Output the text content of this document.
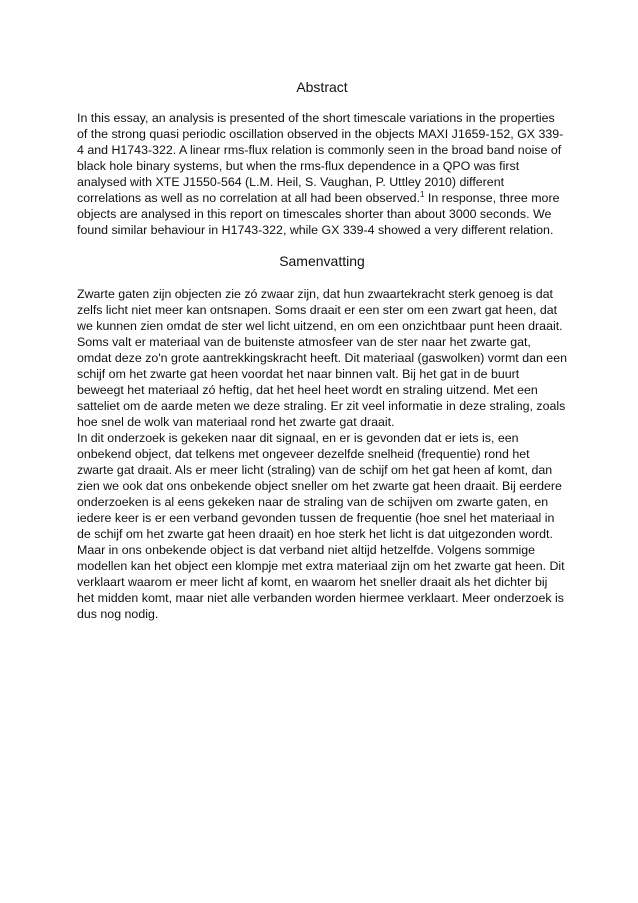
Abstract

In this essay, an analysis is presented of the short timescale variations in the properties of the strong quasi periodic oscillation observed in the objects MAXI J1659-152, GX 339-4 and H1743-322. A linear rms-flux relation is commonly seen in the broad band noise of black hole binary systems, but when the rms-flux dependence in a QPO was first analysed with XTE J1550-564 (L.M. Heil, S. Vaughan, P. Uttley 2010) different correlations as well as no correlation at all had been observed.$^1$ In response, three more objects are analysed in this report on timescales shorter than about 3000 seconds. We found similar behaviour in H1743-322, while GX 339-4 showed a very different relation.

Samenvatting

Zwarte gaten zijn objecten zie zó zwaar zijn, dat hun zwaartekracht sterk genoeg is dat zelfs licht niet meer kan ontsnapen. Soms draait er een ster om een zwart gat heen, dat we kunnen zien omdat de ster wel licht uitzend, en om een onzichtbaar punt heen draait. Soms valt er materiaal van de buitenste atmosfeer van de ster naar het zwarte gat, omdat deze zo'n grote aantrekkingskracht heeft. Dit materiaal (gaswolken) vormt dan een schijf om het zwarte gat heen voordat het naar binnen valt. Bij het gat in de buurt beweegt het materiaal zó heftig, dat het heel heet wordt en straling uitzend. Met een satteliet om de aarde meten we deze straling. Er zit veel informatie in deze straling, zoals hoe snel de wolk van materiaal rond het zwarte gat draait.

In dit onderzoek is gekeken naar dit signaal, en er is gevonden dat er iets is, een onbekend object, dat telkens met ongeveer dezelfde snelheid (frequentie) rond het zwarte gat draait. Als er meer licht (straling) van de schijf om het gat heen af komt, dan zien we ook dat ons onbekende object sneller om het zwarte gat heen draait. Bij eerdere onderzoeken is al eens gekeken naar de straling van de schijven om zwarte gaten, en iedere keer is er een verband gevonden tussen de frequentie (hoe snel het materiaal in de schijf om het zwarte gat heen draait) en hoe sterk het licht is dat uitgezonden wordt. Maar in ons onbekende object is dat verband niet altijd hetzelfde. Volgens sommige modellen kan het object een klompje met extra materiaal zijn om het zwarte gat heen. Dit verklaart waarom er meer licht af komt, en waarom het sneller draait als het dichter bij het midden komt, maar niet alle verbanden worden hiermee verklaart. Meer onderzoek is dus nog nodig.
